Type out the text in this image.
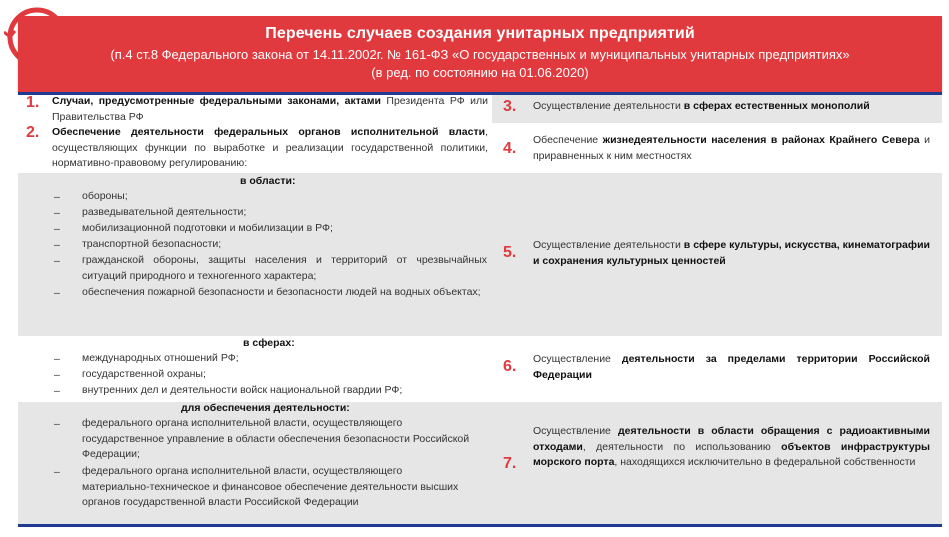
Перечень случаев создания унитарных предприятий
(п.4 ст.8 Федерального закона от 14.11.2002г. № 161-ФЗ «О государственных и муниципальных унитарных предприятиях»
(в ред. по состоянию на 01.06.2020)
1. Случаи, предусмотренные федеральными законами, актами Президента РФ или Правительства РФ
2. Обеспечение деятельности федеральных органов исполнительной власти, осуществляющих функции по выработке и реализации государственной политики, нормативно-правовому регулированию:
в области:
– обороны;
– разведывательной деятельности;
– мобилизационной подготовки и мобилизации в РФ;
– транспортной безопасности;
– гражданской обороны, защиты населения и территорий от чрезвычайных ситуаций природного и техногенного характера;
– обеспечения пожарной безопасности и безопасности людей на водных объектах;
в сферах:
– международных отношений РФ;
– государственной охраны;
– внутренних дел и деятельности войск национальной гвардии РФ;
для обеспечения деятельности:
– федерального органа исполнительной власти, осуществляющего государственное управление в области обеспечения безопасности Российской Федерации;
– федерального органа исполнительной власти, осуществляющего материально-техническое и финансовое обеспечение деятельности высших органов государственной власти Российской Федерации
3. Осуществление деятельности в сферах естественных монополий
4. Обеспечение жизнедеятельности населения в районах Крайнего Севера и приравненных к ним местностях
5. Осуществление деятельности в сфере культуры, искусства, кинематографии и сохранения культурных ценностей
6. Осуществление деятельности за пределами территории Российской Федерации
7.
Осуществление деятельности в области обращения с радиоактивными отходами, деятельности по использованию объектов инфраструктуры морского порта, находящихся исключительно в федеральной собственности
